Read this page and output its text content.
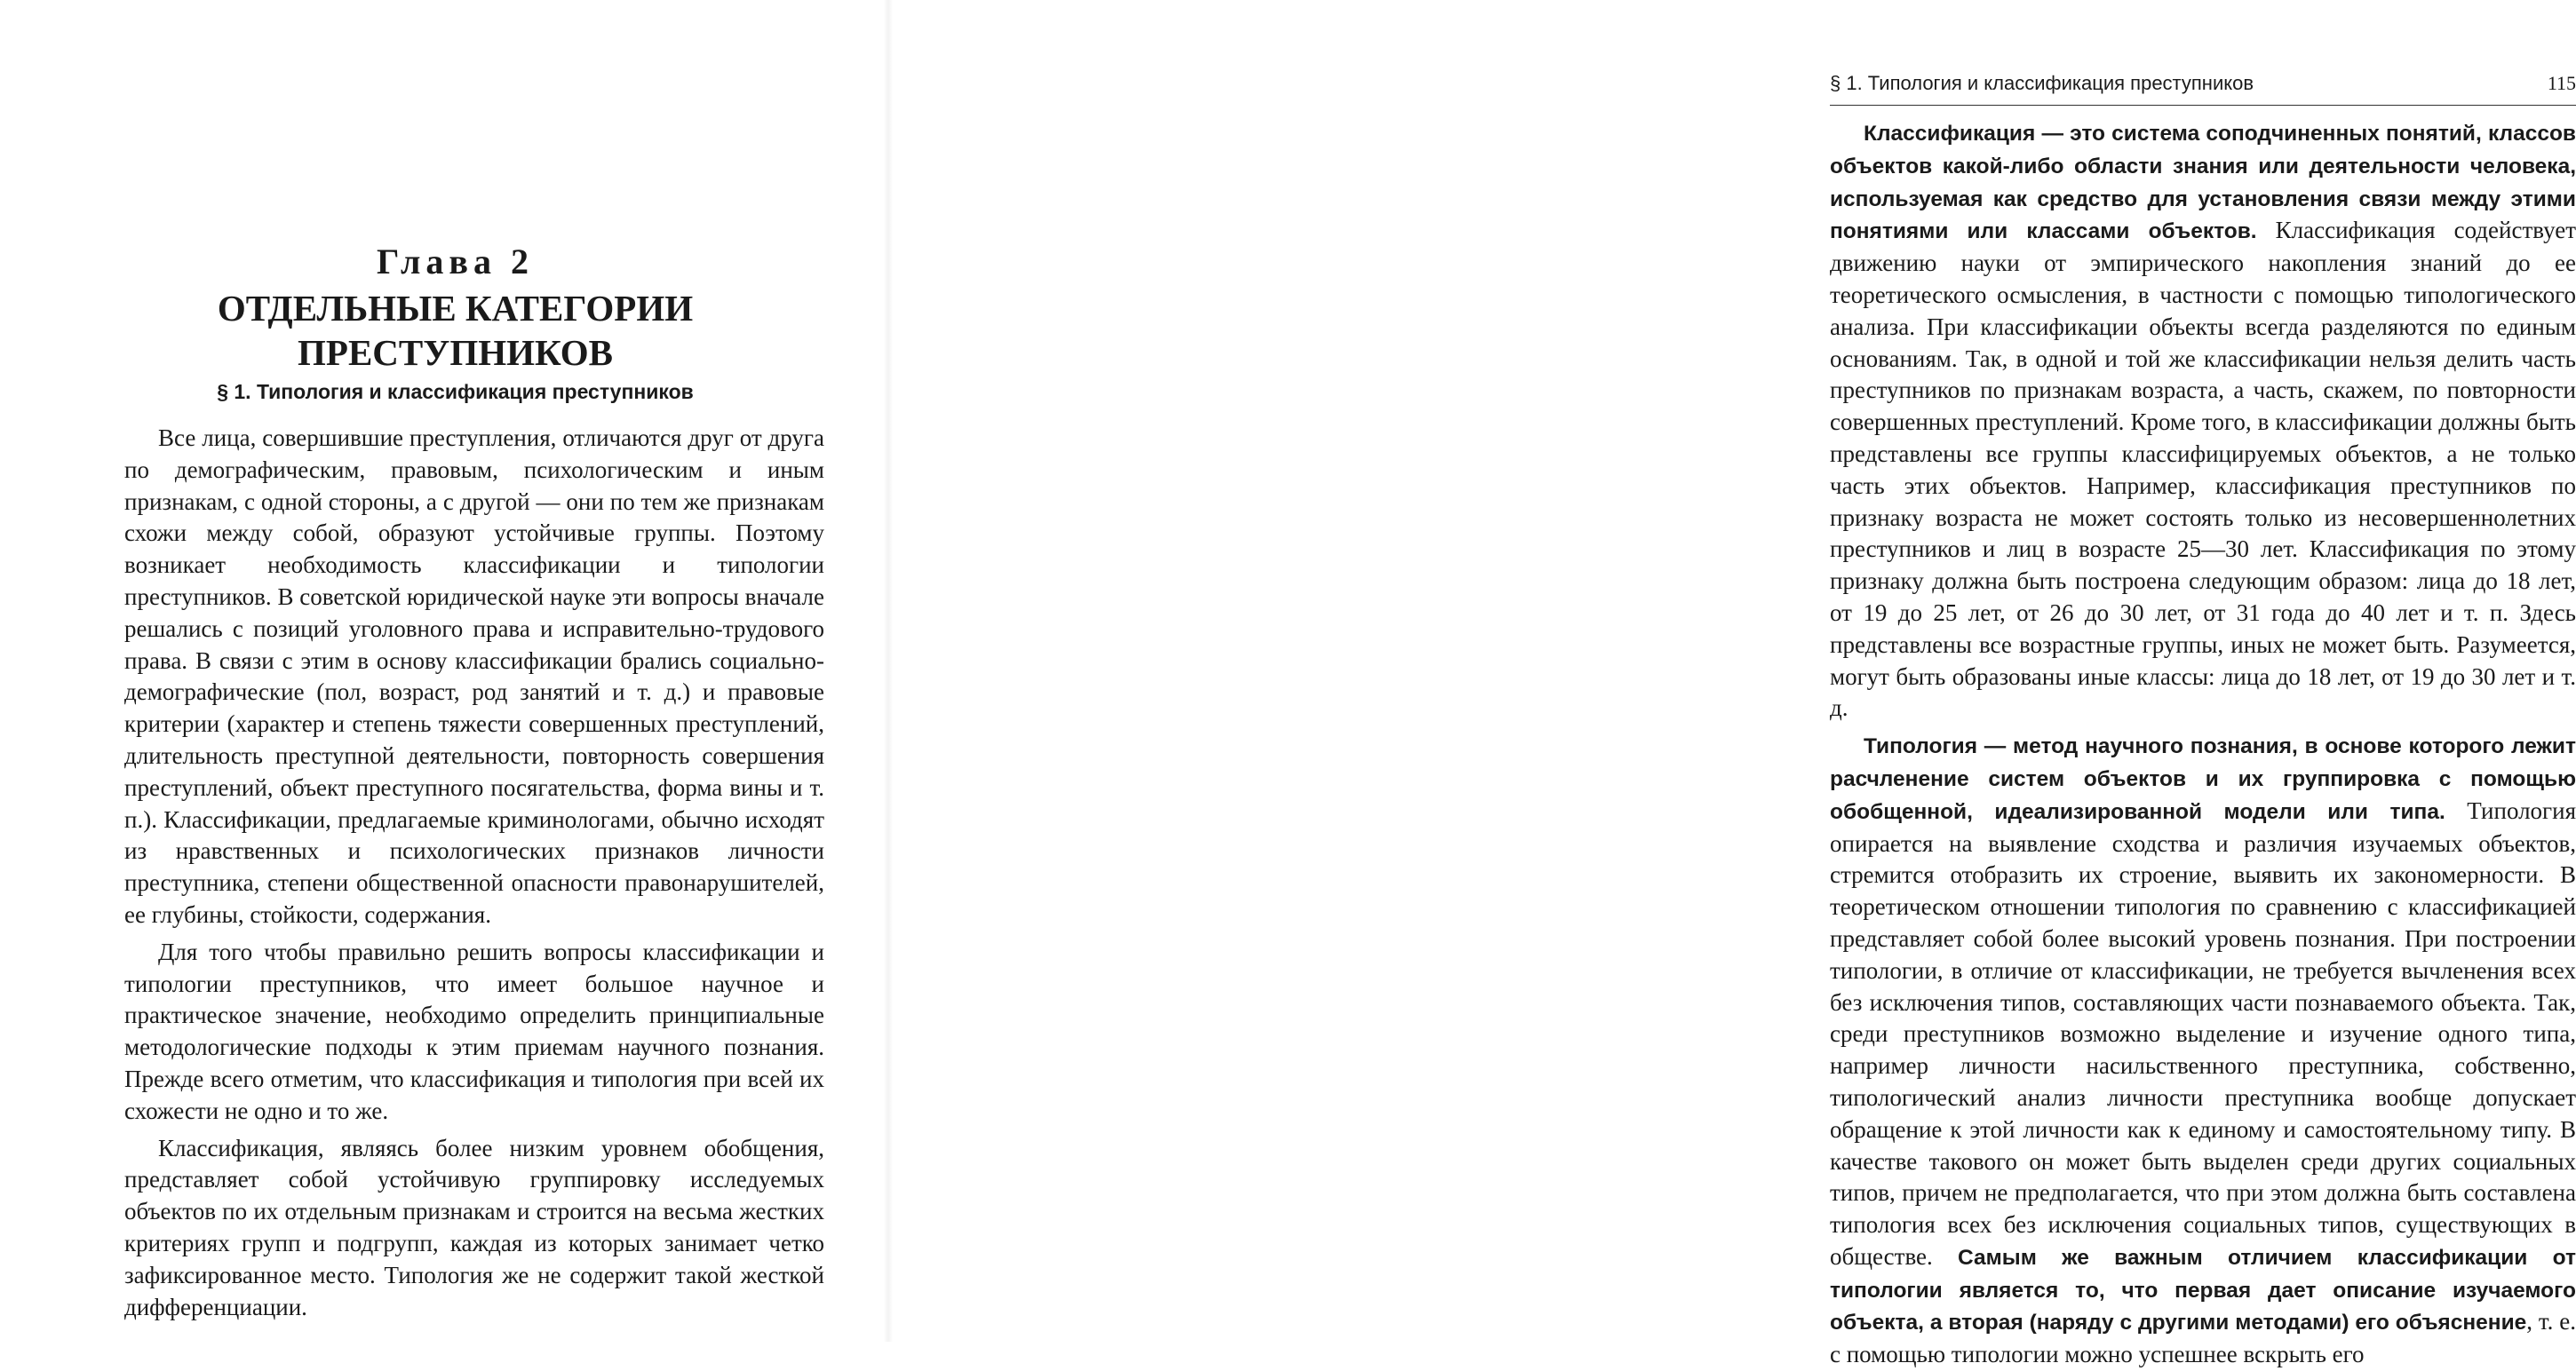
Глава 2
ОТДЕЛЬНЫЕ КАТЕГОРИИ
ПРЕСТУПНИКОВ
§ 1. Типология и классификация преступников

Все лица, совершившие преступления, отличаются друг от друга по демографическим, правовым, психологическим и иным признакам, с одной стороны, а с другой — они по тем же признакам схожи между собой, образуют устойчивые группы. Поэтому возникает необходимость классификации и типологии преступников. В советской юридической науке эти вопросы вначале решались с позиций уголовного права и исправительно-трудового права. В связи с этим в основу классификации брались социально-демографические (пол, возраст, род занятий и т. д.) и правовые критерии (характер и степень тяжести совершенных преступлений, длительность преступной деятельности, повторность совершения преступлений, объект преступного посягательства, форма вины и т. п.). Классификации, предлагаемые криминологами, обычно исходят из нравственных и психологических признаков личности преступника, степени общественной опасности правонарушителей, ее глубины, стойкости, содержания.

Для того чтобы правильно решить вопросы классификации и типологии преступников, что имеет большое научное и практическое значение, необходимо определить принципиальные методологические подходы к этим приемам научного познания. Прежде всего отметим, что классификация и типология при всей их схожести не одно и то же.

Классификация, являясь более низким уровнем обобщения, представляет собой устойчивую группировку исследуемых объектов по их отдельным признакам и строится на весьма жестких критериях групп и подгрупп, каждая из которых занимает четко зафиксированное место. Типология же не содержит такой жесткой дифференциации.

§ 1. Типология и классификация преступников	115

Классификация — это система соподчиненных понятий, классов объектов какой-либо области знания или деятельности человека, используемая как средство для установления связи между этими понятиями или классами объектов. Классификация содействует движению науки от эмпирического накопления знаний до ее теоретического осмысления, в частности с помощью типологического анализа. При классификации объекты всегда разделяются по единым основаниям. Так, в одной и той же классификации нельзя делить часть преступников по признакам возраста, а часть, скажем, по повторности совершенных преступлений. Кроме того, в классификации должны быть представлены все группы классифицируемых объектов, а не только часть этих объектов. Например, классификация преступников по признаку возраста не может состоять только из несовершеннолетних преступников и лиц в возрасте 25—30 лет. Классификация по этому признаку должна быть построена следующим образом: лица до 18 лет, от 19 до 25 лет, от 26 до 30 лет, от 31 года до 40 лет и т. п. Здесь представлены все возрастные группы, иных не может быть. Разумеется, могут быть образованы иные классы: лица до 18 лет, от 19 до 30 лет и т. д.

Типология — метод научного познания, в основе которого лежит расчленение систем объектов и их группировка с помощью обобщенной, идеализированной модели или типа. Типология опирается на выявление сходства и различия изучаемых объектов, стремится отобразить их строение, выявить их закономерности. В теоретическом отношении типология по сравнению с классификацией представляет собой более высокий уровень познания. При построении типологии, в отличие от классификации, не требуется вычленения всех без исключения типов, составляющих части познаваемого объекта. Так, среди преступников возможно выделение и изучение одного типа, например личности насильственного преступника, собственно, типологический анализ личности преступника вообще допускает обращение к этой личности как к единому и самостоятельному типу. В качестве такового он может быть выделен среди других социальных типов, причем не предполагается, что при этом должна быть составлена типология всех без исключения социальных типов, существующих в обществе. Самым же важным отличием классификации от типологии является то, что первая дает описание изучаемого объекта, а вторая (наряду с другими методами) его объяснение, т. е. с помощью типологии можно успешнее вскрыть его
